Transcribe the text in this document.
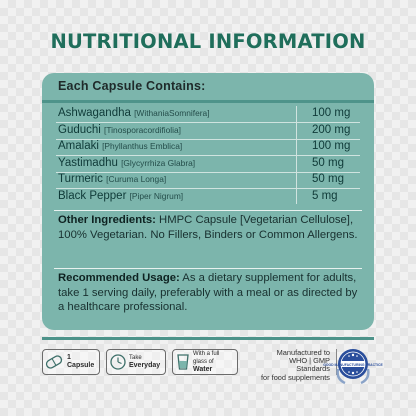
NUTRITIONAL INFORMATION
Each Capsule Contains:
Ashwagandha [WithaniaSomnifera]	100 mg
Guduchi [Tinosporacordifiolia]	200 mg
Amalaki [Phyllanthus Emblica]	100 mg
Yastimadhu [Glycyrrhiza Glabra]	50 mg
Turmeric [Curuma Longa]	50 mg
Black Pepper [Piper Nigrum]	5 mg
Other Ingredients: HMPC Capsule [Vegetarian Cellulose], 100% Vegetarian. No Fillers, Binders or Common Allergens.
Recommended Usage: As a dietary supplement for adults, take 1 serving daily, preferably with a meal or as directed by a healthcare professional.
1 Capsule
Take
Everyday
With a full
glass of
Water
Manufactured to
WHO | GMP Standards
for food supplements
GOOD MANUFACTURING PRACTICE
